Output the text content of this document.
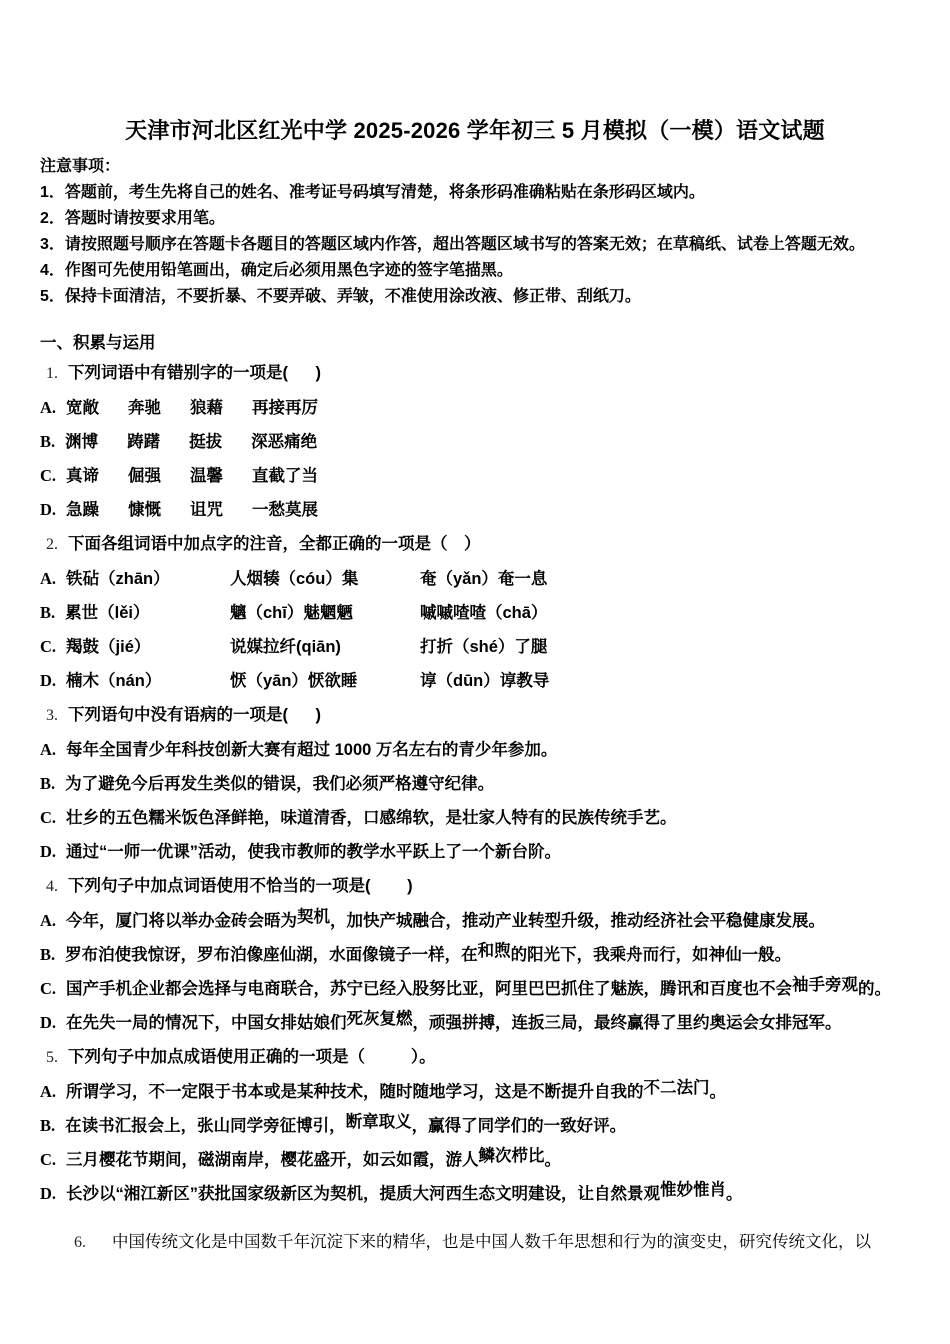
天津市河北区红光中学 2025-2026 学年初三 5 月模拟（一模）语文试题
注意事项：
1．答题前，考生先将自己的姓名、准考证号码填写清楚，将条形码准确粘贴在条形码区域内。
2．答题时请按要求用笔。
3．请按照题号顺序在答题卡各题目的答题区域内作答，超出答题区域书写的答案无效；在草稿纸、试卷上答题无效。
4．作图可先使用铅笔画出，确定后必须用黑色字迹的签字笔描黑。
5．保持卡面清洁，不要折暴、不要弄破、弄皱，不准使用涂改液、修正带、刮纸刀。
一、积累与运用
1. 下列词语中有错别字的一项是(      )
A. 宽敞 奔驰 狼藉 再接再厉
B. 渊博 踌躇 挺拔 深恶痛绝
C. 真谛 倔强 温馨 直截了当
D. 急躁 慷慨 诅咒 一愁莫展
2. 下面各组词语中加点字的注音，全都正确的一项是（　）
A. 铁砧（zhān）	人烟辏（cóu）集	奄（yǎn）奄一息
B. 累世（lěi）	魑（chī）魅魍魉	嘁嘁喳喳（chā）
C. 羯鼓（jié）	说媒拉纤(qiān)	打折（shé）了腿
D. 楠木（nán）	恹（yān）恹欲睡	谆（dūn）谆教导
3. 下列语句中没有语病的一项是(      )
A. 每年全国青少年科技创新大赛有超过 1000 万名左右的青少年参加。
B. 为了避免今后再发生类似的错误，我们必须严格遵守纪律。
C. 壮乡的五色糯米饭色泽鲜艳，味道清香，口感绵软，是壮家人特有的民族传统手艺。
D. 通过“一师一优课”活动，使我市教师的教学水平跃上了一个新台阶。
4. 下列句子中加点词语使用不恰当的一项是(        )
A. 今年，厦门将以举办金砖会晤为契机，加快产城融合，推动产业转型升级，推动经济社会平稳健康发展。
B. 罗布泊使我惊讶，罗布泊像座仙湖，水面像镜子一样，在和煦的阳光下，我乘舟而行，如神仙一般。
C. 国产手机企业都会选择与电商联合，苏宁已经入股努比亚，阿里巴巴抓住了魅族，腾讯和百度也不会袖手旁观的。
D. 在先失一局的情况下，中国女排姑娘们死灰复燃，顽强拼搏，连扳三局，最终赢得了里约奥运会女排冠军。
5. 下列句子中加点成语使用正确的一项是（          ）。
A. 所谓学习，不一定限于书本或是某种技术，随时随地学习，这是不断提升自我的不二法门。
B. 在读书汇报会上，张山同学旁征博引，断章取义，赢得了同学们的一致好评。
C. 三月樱花节期间，磁湖南岸，樱花盛开，如云如霞，游人鳞次栉比。
D. 长沙以“湘江新区”获批国家级新区为契机，提质大河西生态文明建设，让自然景观惟妙惟肖。
6. 中国传统文化是中国数千年沉淀下来的精华，也是中国人数千年思想和行为的演变史，研究传统文化，以
